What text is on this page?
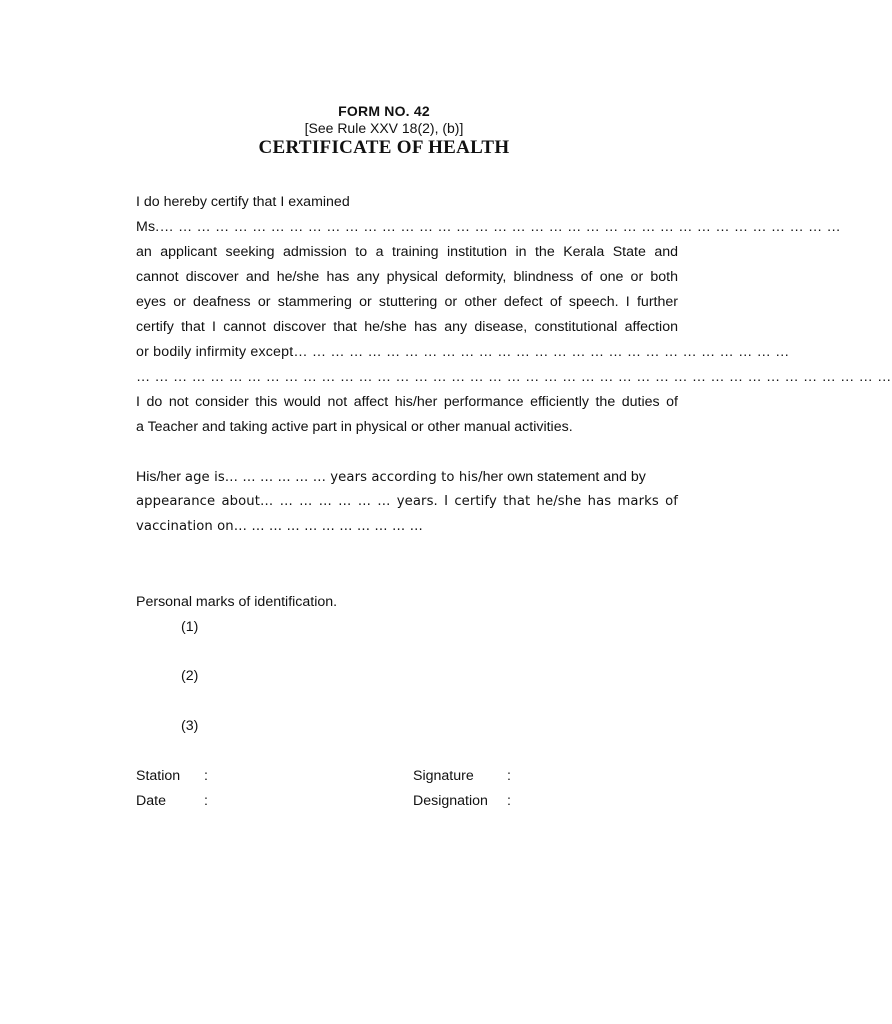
FORM NO. 42
[See Rule XXV 18(2), (b)]
CERTIFICATE OF HEALTH
I do hereby certify that I examined
Ms.… … … … … … … … … … … … … … … … … … … … … … … … … … … … … … … … … … … … …
an applicant seeking admission to a training institution in the Kerala State and
cannot discover and he/she has any physical deformity, blindness of one or both
eyes or deafness or stammering or stuttering or other defect of speech. I further
certify that I cannot discover that he/she has any disease, constitutional affection
or bodily infirmity except… … … … … … … … … … … … … … … … … … … … … … … … … … …
… … … … … … … … … … … … … … … … … … … … … … … … … … … … … … … … … … … … … … … … …
I do not consider this would not affect his/her performance efficiently the duties of
a Teacher and taking active part in physical or other manual activities.
His/her age is… … … … … … years according to his/her own statement and by
appearance about… … … … … … … years. I certify that he/she has marks of
vaccination on… … … … … … … … … … …
Personal marks of identification.
(1)
(2)
(3)
Station :
Date	:
Signature :
Designation :
